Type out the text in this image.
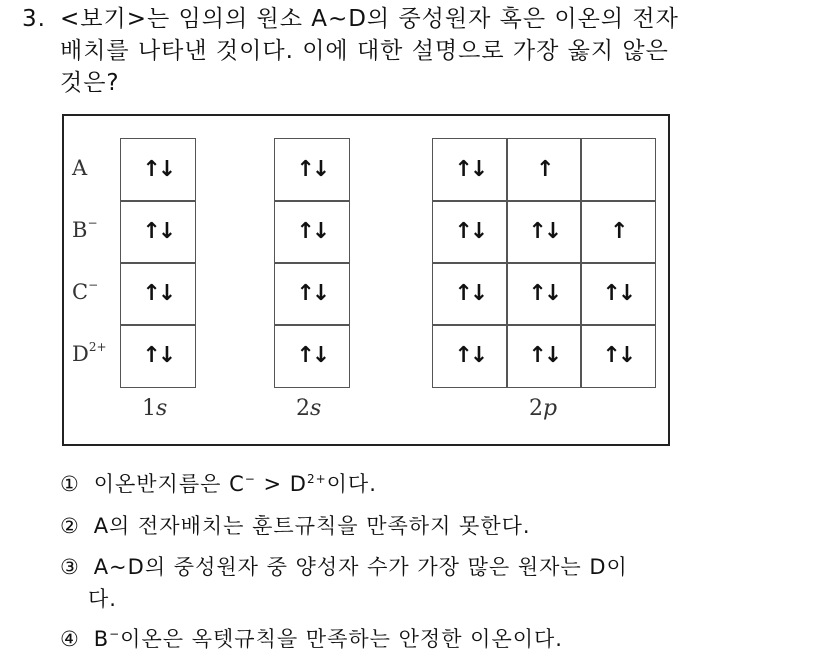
3. <보기>는 임의의 원소 A~D의 중성원자 혹은 이온의 전자
배치를 나타낸 것이다. 이에 대한 설명으로 가장 옳지 않은
것은?
A	↑↓	↑↓	↑↓	↑
B−	↑↓	↑↓	↑↓	↑↓	↑
C−	↑↓	↑↓	↑↓	↑↓	↑↓
$D^{2+}$	↑↓	↑↓	↑↓	↑↓	↑↓
1s	2s	2p
① 이온반지름은 $C^- > D^{2+}$이다.
② A의 전자배치는 훈트규칙을 만족하지 못한다.
③ A~D의 중성원자 중 양성자 수가 가장 많은 원자는 D이
다.
④ B−이온은 옥텟규칙을 만족하는 안정한 이온이다.
